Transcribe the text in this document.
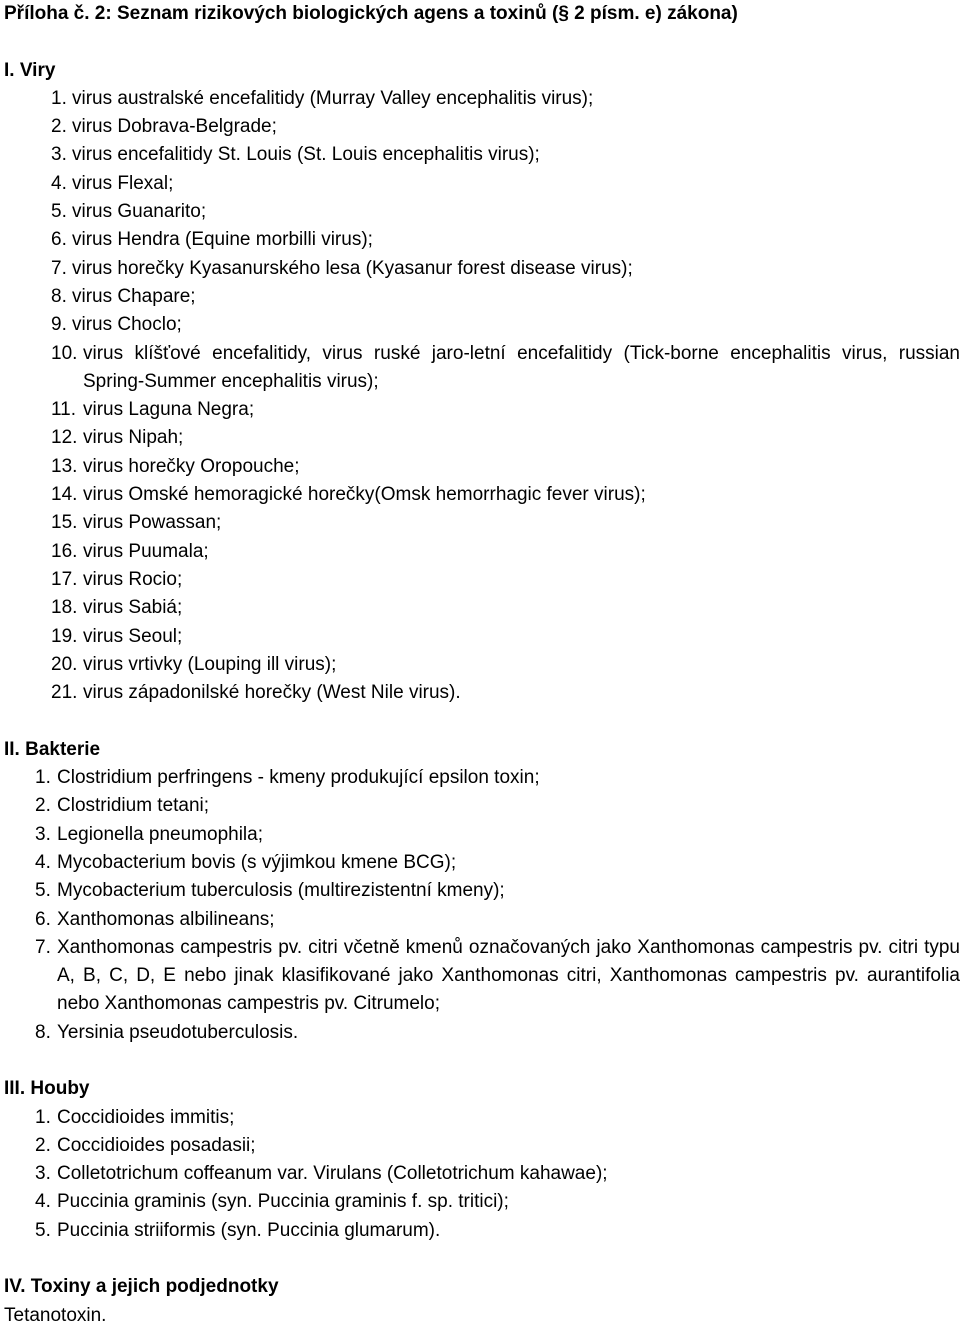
Příloha č. 2: Seznam rizikových biologických agens a toxinů (§ 2 písm. e) zákona)

I. Viry

1. virus australské encefalitidy (Murray Valley encephalitis virus);
2. virus Dobrava-Belgrade;
3. virus encefalitidy St. Louis (St. Louis encephalitis virus);
4. virus Flexal;
5. virus Guanarito;
6. virus Hendra (Equine morbilli virus);
7. virus horečky Kyasanurského lesa (Kyasanur forest disease virus);
8. virus Chapare;
9. virus Choclo;
10. virus klíšťové encefalitidy, virus ruské jaro-letní encefalitidy (Tick-borne encephalitis virus, russian Spring-Summer encephalitis virus);
11. virus Laguna Negra;
12. virus Nipah;
13. virus horečky Oropouche;
14. virus Omské hemoragické horečky(Omsk hemorrhagic fever virus);
15. virus Powassan;
16. virus Puumala;
17. virus Rocio;
18. virus Sabiá;
19. virus Seoul;
20. virus vrtivky (Louping ill virus);
21. virus západonilské horečky (West Nile virus).

II. Bakterie

1. Clostridium perfringens - kmeny produkující epsilon toxin;
2. Clostridium tetani;
3. Legionella pneumophila;
4. Mycobacterium bovis (s výjimkou kmene BCG);
5. Mycobacterium tuberculosis (multirezistentní kmeny);
6. Xanthomonas albilineans;
7. Xanthomonas campestris pv. citri včetně kmenů označovaných jako Xanthomonas campestris pv. citri typu A, B, C, D, E nebo jinak klasifikované jako Xanthomonas citri, Xanthomonas campestris pv. aurantifolia nebo Xanthomonas campestris pv. Citrumelo;
8. Yersinia pseudotuberculosis.

III. Houby

1. Coccidioides immitis;
2. Coccidioides posadasii;
3. Colletotrichum coffeanum var. Virulans (Colletotrichum kahawae);
4. Puccinia graminis (syn. Puccinia graminis f. sp. tritici);
5. Puccinia striiformis (syn. Puccinia glumarum).

IV. Toxiny a jejich podjednotky

Tetanotoxin.
